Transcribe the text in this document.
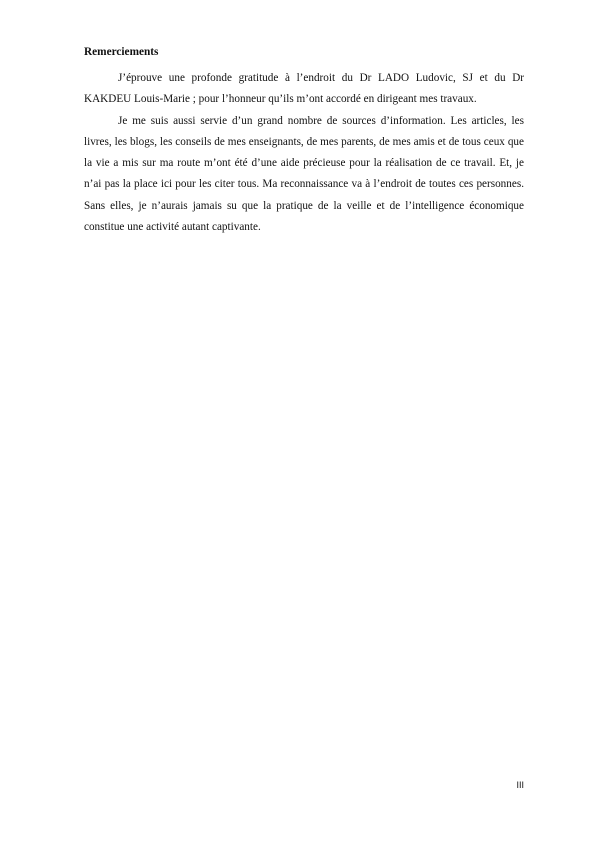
Remerciements

J’éprouve une profonde gratitude à l’endroit du Dr LADO Ludovic, SJ et du Dr KAKDEU Louis-Marie ; pour l’honneur qu’ils m’ont accordé en dirigeant mes travaux.

Je me suis aussi servie d’un grand nombre de sources d’information. Les articles, les livres, les blogs, les conseils de mes enseignants, de mes parents, de mes amis et de tous ceux que la vie a mis sur ma route m’ont été d’une aide précieuse pour la réalisation de ce travail. Et, je n’ai pas la place ici pour les citer tous. Ma reconnaissance va à l’endroit de toutes ces personnes. Sans elles, je n’aurais jamais su que la pratique de la veille et de l’intelligence économique constitue une activité autant captivante.

III
